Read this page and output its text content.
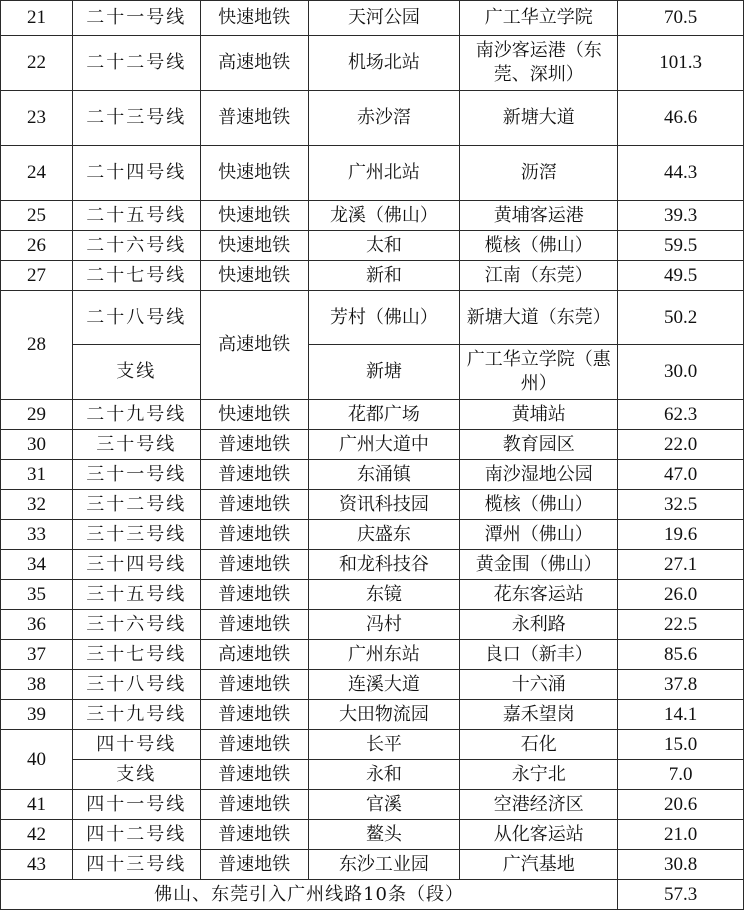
21	二十一号线	快速地铁	天河公园	广工华立学院	70.5
22	二十二号线	高速地铁	机场北站	南沙客运港（东莞、深圳）	101.3
23	二十三号线	普速地铁	赤沙滘	新塘大道	46.6
24	二十四号线	快速地铁	广州北站	沥滘	44.3
25	二十五号线	快速地铁	龙溪（佛山）	黄埔客运港	39.3
26	二十六号线	快速地铁	太和	榄核（佛山）	59.5
27	二十七号线	快速地铁	新和	江南（东莞）	49.5
28	二十八号线	高速地铁	芳村（佛山）	新塘大道（东莞）	50.2
	支线		新塘	广工华立学院（惠州）	30.0
29	二十九号线	快速地铁	花都广场	黄埔站	62.3
30	三十号线	普速地铁	广州大道中	教育园区	22.0
31	三十一号线	普速地铁	东涌镇	南沙湿地公园	47.0
32	三十二号线	普速地铁	资讯科技园	榄核（佛山）	32.5
33	三十三号线	普速地铁	庆盛东	潭州（佛山）	19.6
34	三十四号线	普速地铁	和龙科技谷	黄金围（佛山）	27.1
35	三十五号线	普速地铁	东镜	花东客运站	26.0
36	三十六号线	普速地铁	冯村	永利路	22.5
37	三十七号线	高速地铁	广州东站	良口（新丰）	85.6
38	三十八号线	普速地铁	连溪大道	十六涌	37.8
39	三十九号线	普速地铁	大田物流园	嘉禾望岗	14.1
40	四十号线	普速地铁	长平	石化	15.0
	支线	普速地铁	永和	永宁北	7.0
41	四十一号线	普速地铁	官溪	空港经济区	20.6
42	四十二号线	普速地铁	鳌头	从化客运站	21.0
43	四十三号线	普速地铁	东沙工业园	广汽基地	30.8
佛山、东莞引入广州线路10条（段）					57.3
